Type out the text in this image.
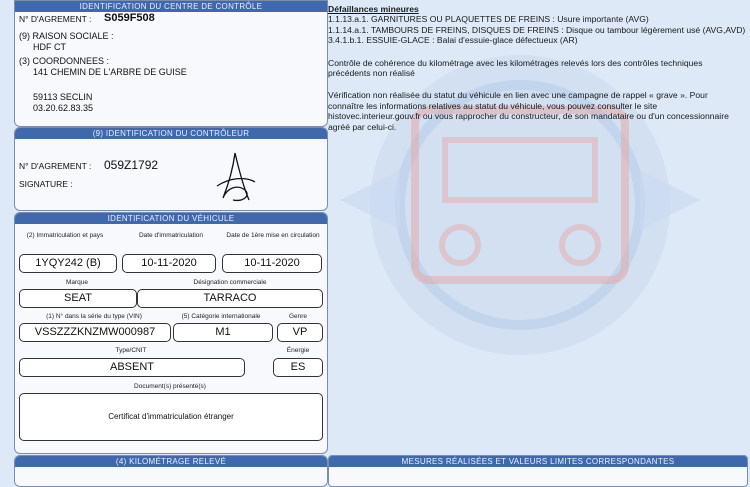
IDENTIFICATION DU CENTRE DE CONTRÔLE
N° D'AGREMENT : S059F508
(9) RAISON SOCIALE :
HDF CT
(3) COORDONNEES :
141 CHEMIN DE L'ARBRE DE GUISE
59113 SECLIN
03.20.62.83.35
(9) IDENTIFICATION DU CONTRÔLEUR
N° D'AGREMENT : 059Z1792
SIGNATURE :
IDENTIFICATION DU VÉHICULE
(2) Immatriculation et pays	Date d'immatriculation	Date de 1ère mise en circulation
1YQY242 (B)	10-11-2020	10-11-2020
Marque	Désignation commerciale
SEAT	TARRACO
(1) N° dans la série du type (VIN)	(5) Catégorie internationale	Genre
VSSZZZKNZMW000987	M1	VP
Type/CNIT	Énergie
ABSENT	ES
Document(s) présenté(s)
Certificat d'immatriculation étranger
(4) KILOMÉTRAGE RELEVÉ	MESURES RÉALISÉES ET VALEURS LIMITES CORRESPONDANTES

Défaillances mineures

1.1.13.a.1. GARNITURES OU PLAQUETTES DE FREINS : Usure importante (AVG)

1.1.14.a.1. TAMBOURS DE FREINS, DISQUES DE FREINS : Disque ou tambour légèrement usé (AVG,AVD)

3.4.1.b.1. ESSUIE-GLACE : Balai d'essuie-glace défectueux (AR)

Contrôle de cohérence du kilométrage avec les kilométrages relevés lors des contrôles techniques précédents non réalisé

Vérification non réalisée du statut du véhicule en lien avec une campagne de rappel « grave ». Pour connaître les informations relatives au statut du véhicule, vous pouvez consulter le site histovec.interieur.gouv.fr ou vous rapprocher du constructeur, de son mandataire ou d'un concessionnaire agréé par celui-ci.
